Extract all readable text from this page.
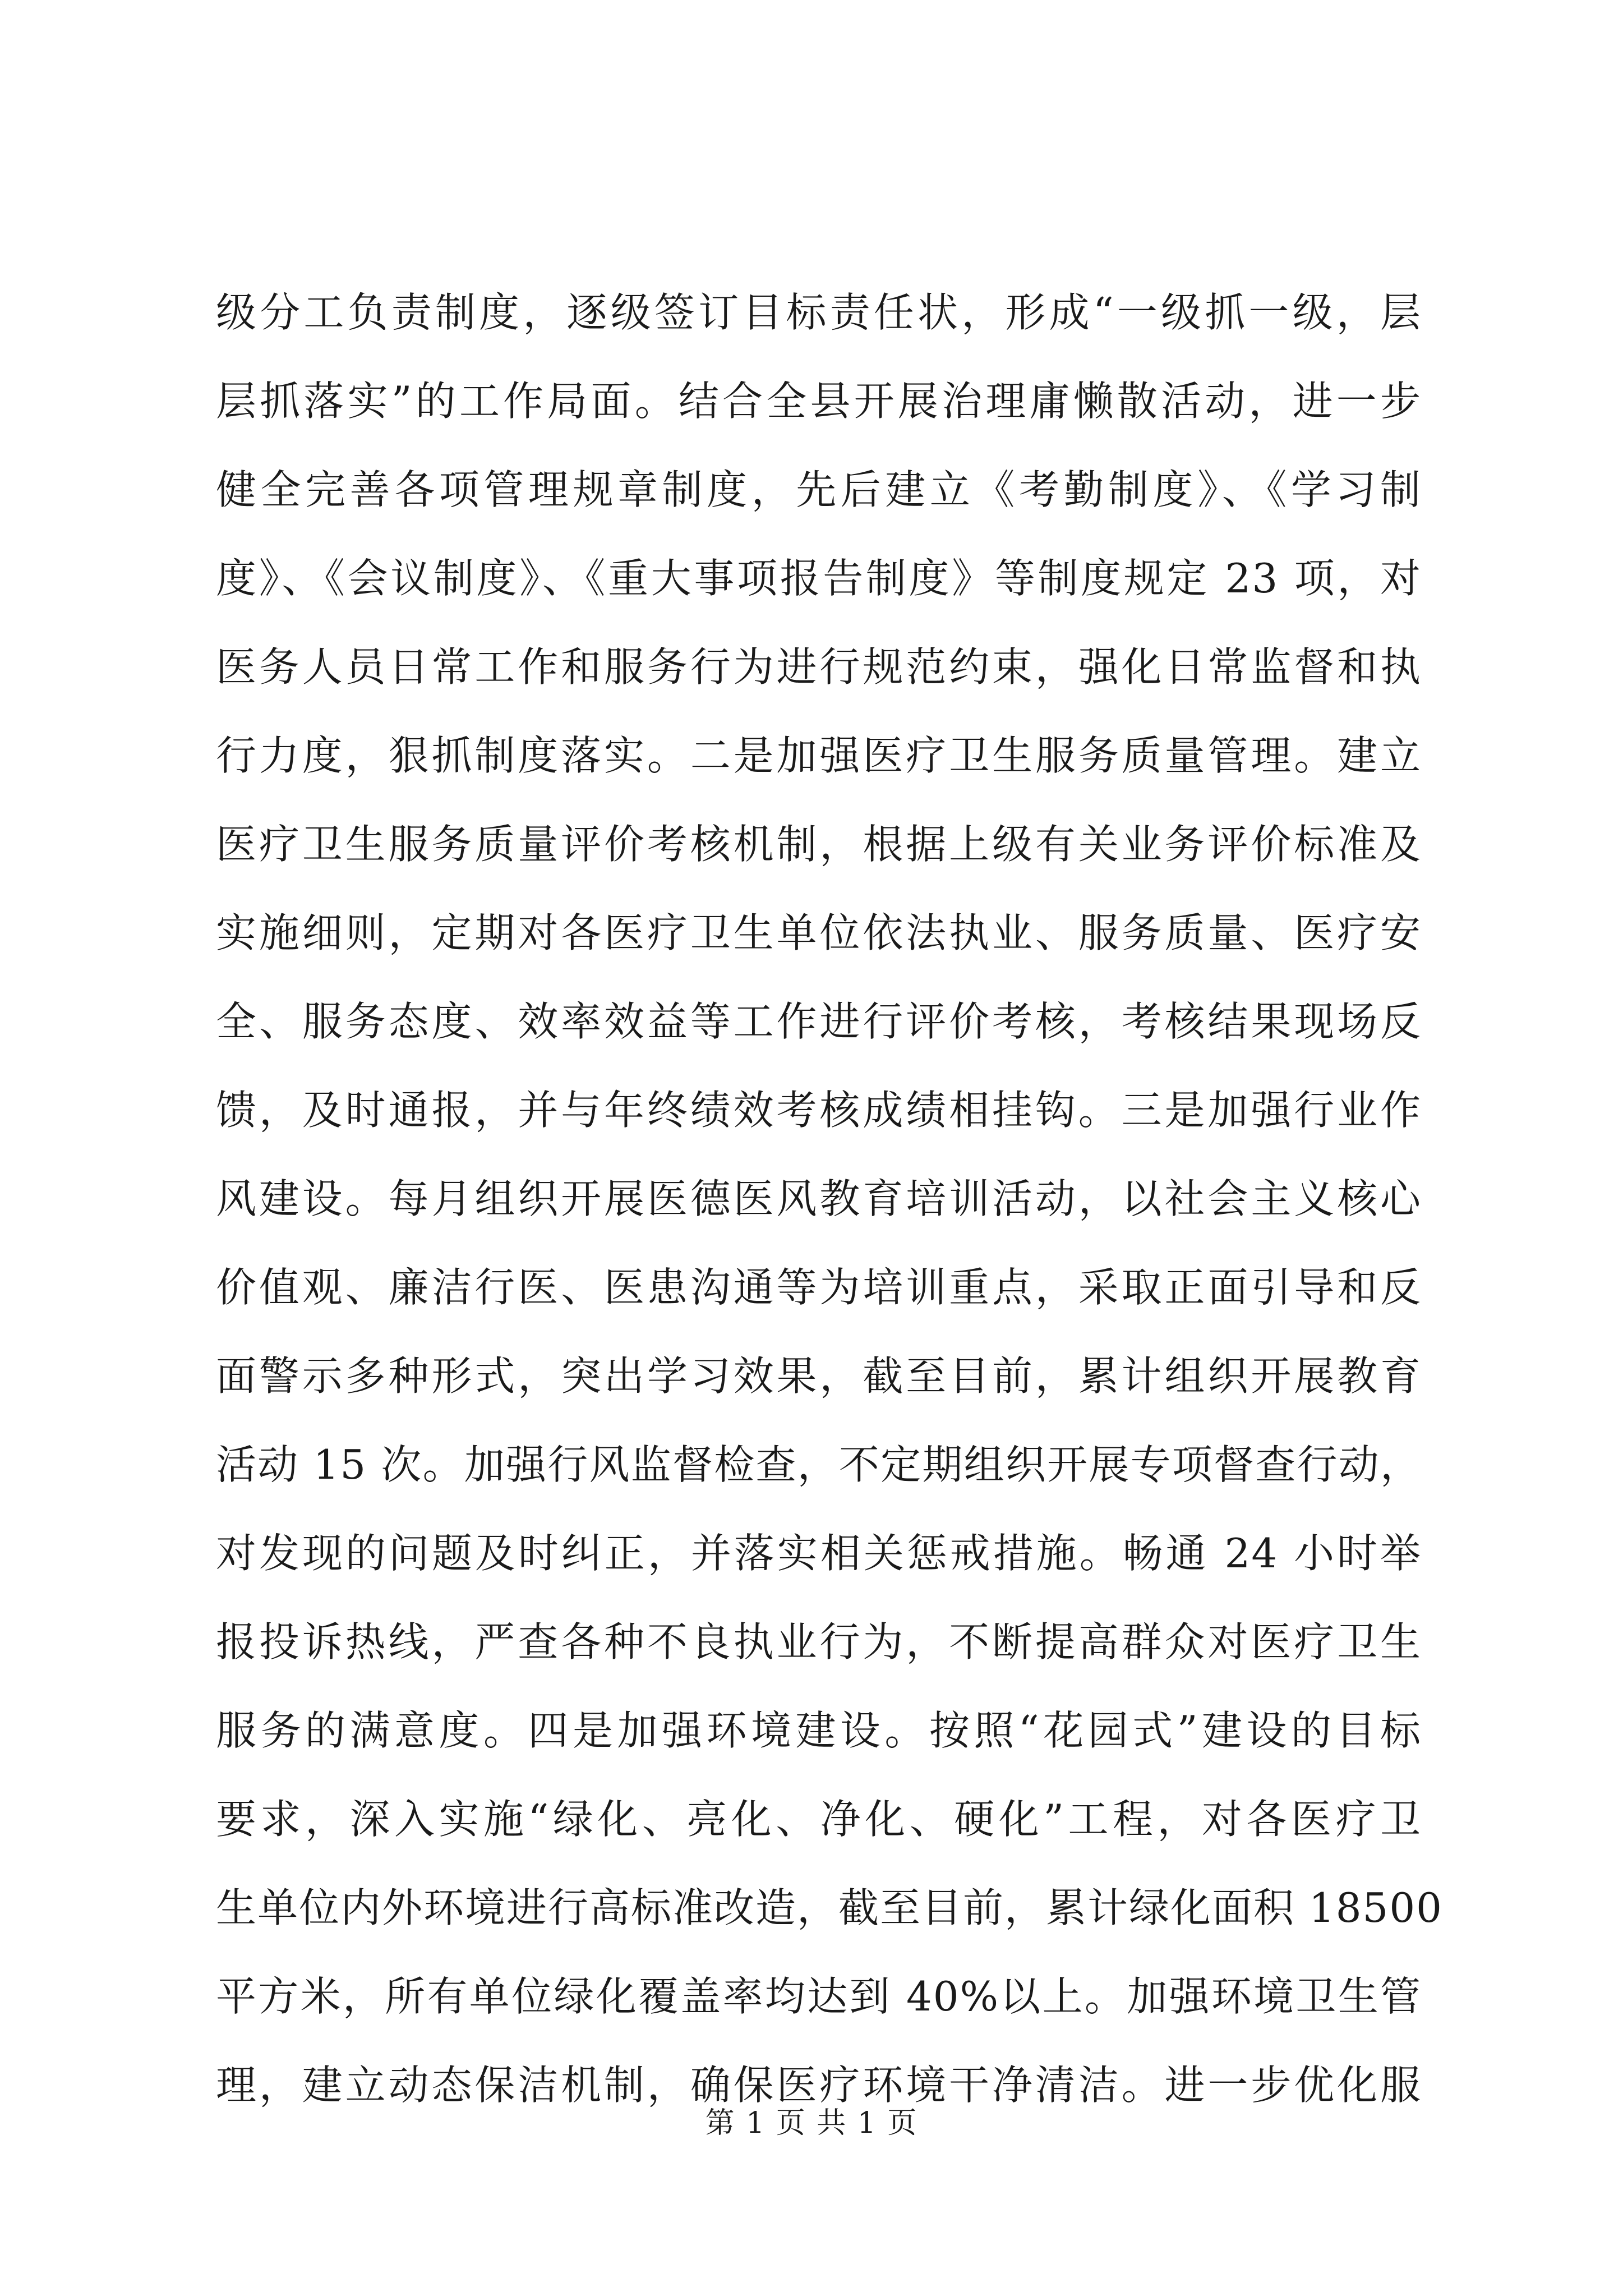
级分工负责制度，逐级签订目标责任状，形成“一级抓一级，层
层抓落实”的工作局面。结合全县开展治理庸懒散活动，进一步
健全完善各项管理规章制度，先后建立《考勤制度》、《学习制
度》、《会议制度》、《重大事项报告制度》等制度规定 23 项，对
医务人员日常工作和服务行为进行规范约束，强化日常监督和执
行力度，狠抓制度落实。二是加强医疗卫生服务质量管理。建立
医疗卫生服务质量评价考核机制，根据上级有关业务评价标准及
实施细则，定期对各医疗卫生单位依法执业、服务质量、医疗安
全、服务态度、效率效益等工作进行评价考核，考核结果现场反
馈，及时通报，并与年终绩效考核成绩相挂钩。三是加强行业作
风建设。每月组织开展医德医风教育培训活动，以社会主义核心
价值观、廉洁行医、医患沟通等为培训重点，采取正面引导和反
面警示多种形式，突出学习效果，截至目前，累计组织开展教育
活动 15 次。加强行风监督检查，不定期组织开展专项督查行动，
对发现的问题及时纠正，并落实相关惩戒措施。畅通 24 小时举
报投诉热线，严查各种不良执业行为，不断提高群众对医疗卫生
服务的满意度。四是加强环境建设。按照“花园式”建设的目标
要求，深入实施“绿化、亮化、净化、硬化”工程，对各医疗卫
生单位内外环境进行高标准改造，截至目前，累计绿化面积 18500
平方米，所有单位绿化覆盖率均达到 40%以上。加强环境卫生管
理，建立动态保洁机制，确保医疗环境干净清洁。进一步优化服
第 1 页 共 1 页
